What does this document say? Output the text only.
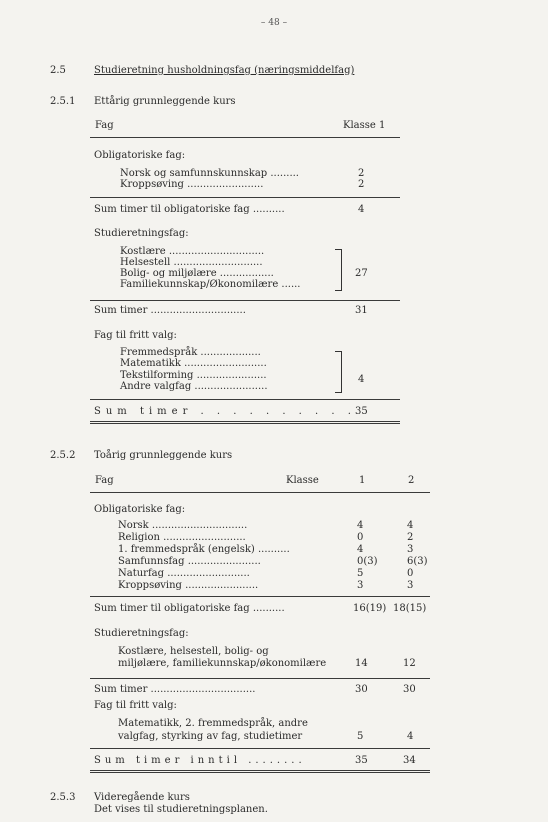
– 48 –
2.5	Studieretning husholdningsfag (næringsmiddelfag)
2.5.1 Ettårig grunnleggende kurs
Fag	Klasse 1
Obligatoriske fag:
Norsk og samfunnskunnskap .........	2
Kroppsøving ........................	2
Sum timer til obligatoriske fag ..........	4
Studieretningsfag:
Kostlære ..............................
Helsestell ............................
Bolig- og miljølære .................
Familiekunnskap/Økonomilære ......
27
Sum timer ..............................	31
Fag til fritt valg:
Fremmedspråk ...................
Matematikk ..........................
Tekstilforming ......................
Andre valgfag .......................
4
Sum timer . . . . . . . . . . 35
2.5.2 Toårig grunnleggende kurs
Fag	Klasse	1	2
Obligatoriske fag:
Norsk ..............................	4	4
Religion ..........................	0	2
1. fremmedspråk (engelsk) ..........	4	3
Samfunnsfag .......................	0(3)	6(3)
Naturfag ..........................	5	0
Kroppsøving .......................	3	3
Sum timer til obligatoriske fag ..........	16(19) 18(15)
Studieretningsfag:
Kostlære, helsestell, bolig- og
miljølære, familiekunnskap/økonomilære	14	12
Sum timer .................................	30	30
Fag til fritt valg:
Matematikk, 2. fremmedspråk, andre
valgfag, styrking av fag, studietimer	5	4
Sum timer inntil ........	35	34
2.5.3 Videregående kurs
Det vises til studieretningsplanen.
